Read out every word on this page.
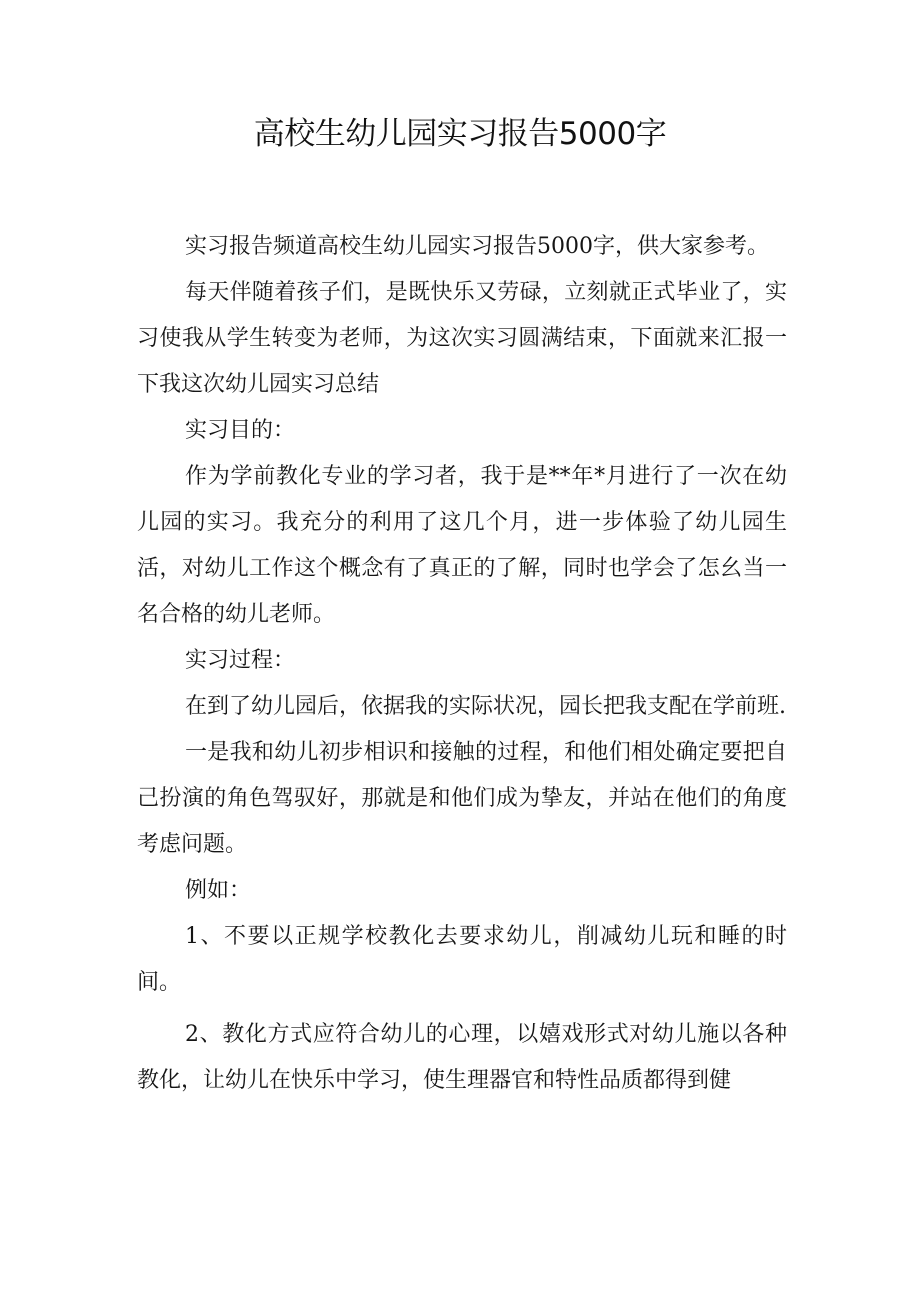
高校生幼儿园实习报告5000字

实习报告频道高校生幼儿园实习报告5000字，供大家参考。

每天伴随着孩子们，是既快乐又劳碌，立刻就正式毕业了，实习使我从学生转变为老师，为这次实习圆满结束，下面就来汇报一下我这次幼儿园实习总结

实习目的：

作为学前教化专业的学习者，我于是**年*月进行了一次在幼儿园的实习。我充分的利用了这几个月，进一步体验了幼儿园生活，对幼儿工作这个概念有了真正的了解，同时也学会了怎幺当一名合格的幼儿老师。

实习过程：

在到了幼儿园后，依据我的实际状况，园长把我支配在学前班.

一是我和幼儿初步相识和接触的过程，和他们相处确定要把自己扮演的角色驾驭好，那就是和他们成为挚友，并站在他们的角度考虑问题。

例如：

1、不要以正规学校教化去要求幼儿，削减幼儿玩和睡的时间。

2、教化方式应符合幼儿的心理，以嬉戏形式对幼儿施以各种教化，让幼儿在快乐中学习，使生理器官和特性品质都得到健
